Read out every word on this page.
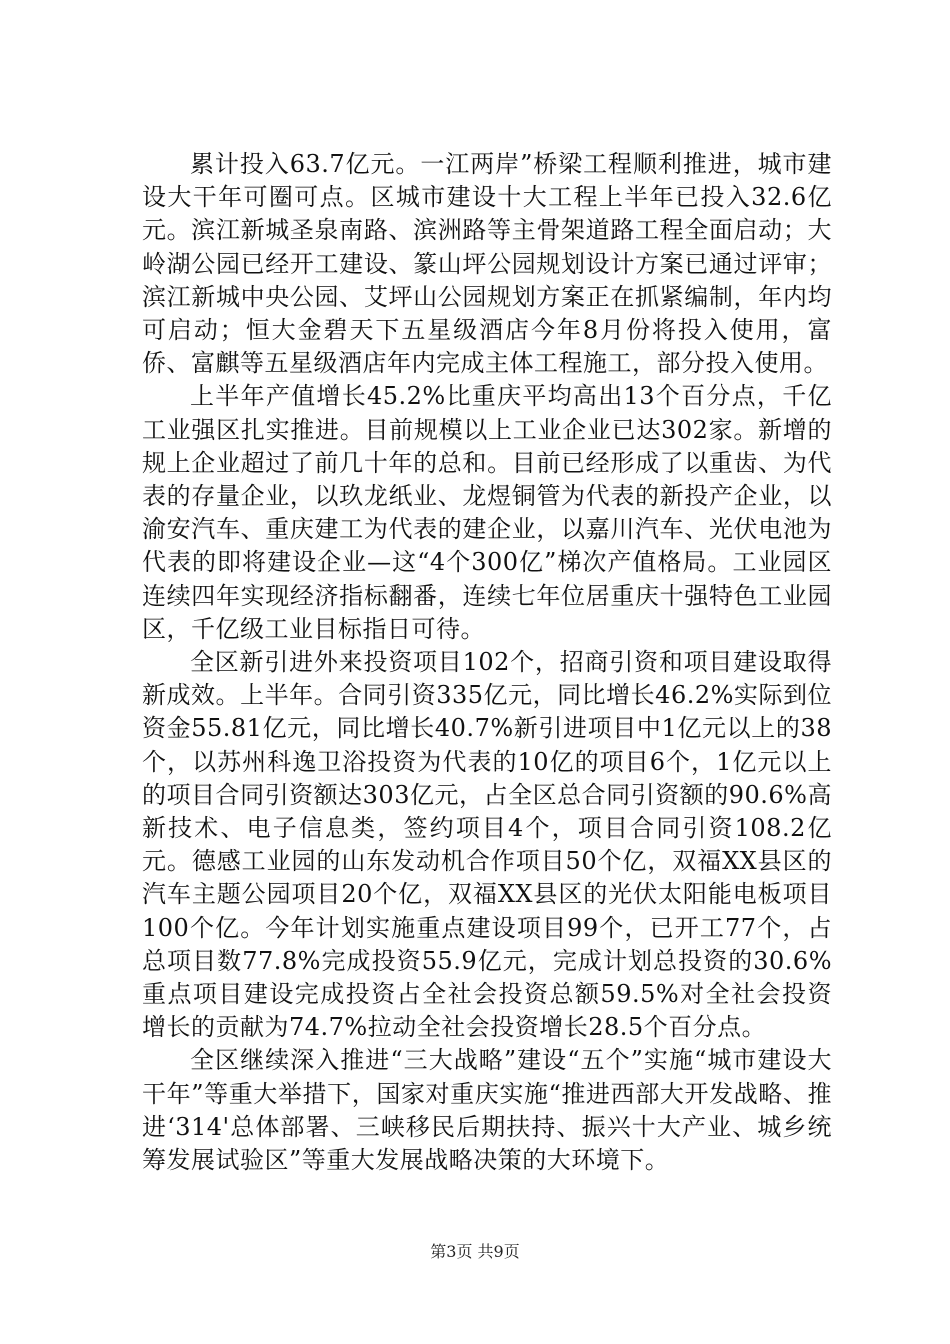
累计投入63.7亿元。一江两岸”桥梁工程顺利推进，城市建设大干年可圈可点。区城市建设十大工程上半年已投入32.6亿元。滨江新城圣泉南路、滨洲路等主骨架道路工程全面启动；大岭湖公园已经开工建设、篆山坪公园规划设计方案已通过评审；滨江新城中央公园、艾坪山公园规划方案正在抓紧编制，年内均可启动；恒大金碧天下五星级酒店今年8月份将投入使用，富侨、富麒等五星级酒店年内完成主体工程施工，部分投入使用。

上半年产值增长45.2%比重庆平均高出13个百分点，千亿工业强区扎实推进。目前规模以上工业企业已达302家。新增的规上企业超过了前几十年的总和。目前已经形成了以重齿、为代表的存量企业，以玖龙纸业、龙煜铜管为代表的新投产企业，以渝安汽车、重庆建工为代表的建企业，以嘉川汽车、光伏电池为代表的即将建设企业—这“4个300亿”梯次产值格局。工业园区连续四年实现经济指标翻番，连续七年位居重庆十强特色工业园区，千亿级工业目标指日可待。

全区新引进外来投资项目102个，招商引资和项目建设取得新成效。上半年。合同引资335亿元，同比增长46.2%实际到位资金55.81亿元，同比增长40.7%新引进项目中1亿元以上的38个，以苏州科逸卫浴投资为代表的10亿的项目6个，1亿元以上的项目合同引资额达303亿元，占全区总合同引资额的90.6%高新技术、电子信息类，签约项目4个，项目合同引资108.2亿元。德感工业园的山东发动机合作项目50个亿，双福XX县区的汽车主题公园项目20个亿，双福XX县区的光伏太阳能电板项目100个亿。今年计划实施重点建设项目99个，已开工77个，占总项目数77.8%完成投资55.9亿元，完成计划总投资的30.6%重点项目建设完成投资占全社会投资总额59.5%对全社会投资增长的贡献为74.7%拉动全社会投资增长28.5个百分点。

全区继续深入推进“三大战略”建设“五个”实施“城市建设大干年”等重大举措下，国家对重庆实施“推进西部大开发战略、推进‘314'总体部署、三峡移民后期扶持、振兴十大产业、城乡统筹发展试验区”等重大发展战略决策的大环境下。

第3页 共9页
